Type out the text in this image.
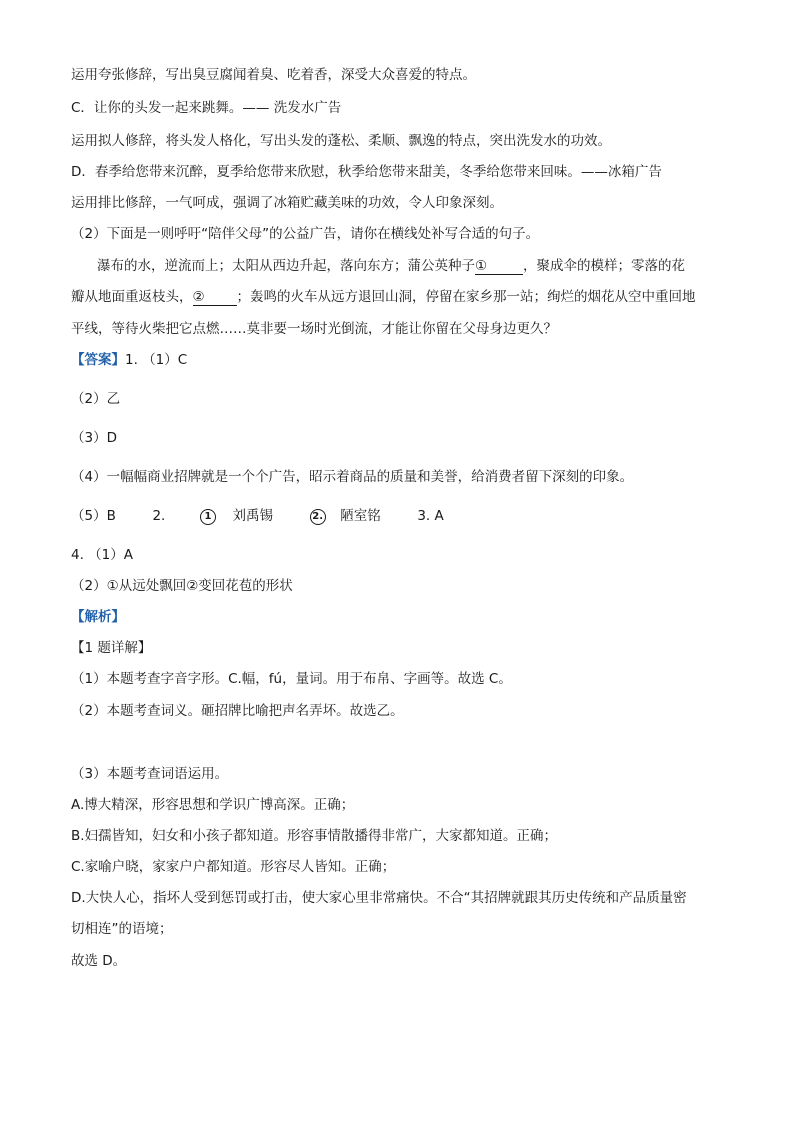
运用夸张修辞，写出臭豆腐闻着臭、吃着香，深受大众喜爱的特点。
C．让你的头发一起来跳舞。—— 洗发水广告
运用拟人修辞，将头发人格化，写出头发的蓬松、柔顺、飘逸的特点，突出洗发水的功效。
D．春季给您带来沉醉，夏季给您带来欣慰，秋季给您带来甜美，冬季给您带来回味。——冰箱广告
运用排比修辞，一气呵成，强调了冰箱贮藏美味的功效，令人印象深刻。
（2）下面是一则呼吁“陪伴父母”的公益广告，请你在横线处补写合适的句子。
瀑布的水，逆流而上；太阳从西边升起，落向东方；蒲公英种子①	，聚成伞的模样；零落的花
瓣从地面重返枝头，② ；轰鸣的火车从远方退回山洞，停留在家乡那一站；绚烂的烟花从空中重回地
平线，等待火柴把它点燃……莫非要一场时光倒流，才能让你留在父母身边更久？
【答案】1. （1）C
（2）乙
（3）D
（4）一幅幅商业招牌就是一个个广告，昭示着商品的质量和美誉，给消费者留下深刻的印象。
（5）B	2.	1 刘禹锡	2. 陋室铭	3. A
4. （1）A
（2）①从远处飘回②变回花苞的形状
【解析】
【1 题详解】
（1）本题考查字音字形。C.幅，fú，量词。用于布帛、字画等。故选 C。
（2）本题考查词义。砸招牌比喻把声名弄坏。故选乙。
（3）本题考查词语运用。
A.博大精深，形容思想和学识广博高深。正确；
B.妇孺皆知，妇女和小孩子都知道。形容事情散播得非常广，大家都知道。正确；
C.家喻户晓，家家户户都知道。形容尽人皆知。正确；
D.大快人心，指坏人受到惩罚或打击，使大家心里非常痛快。不合“其招牌就跟其历史传统和产品质量密
切相连”的语境；
故选 D。
